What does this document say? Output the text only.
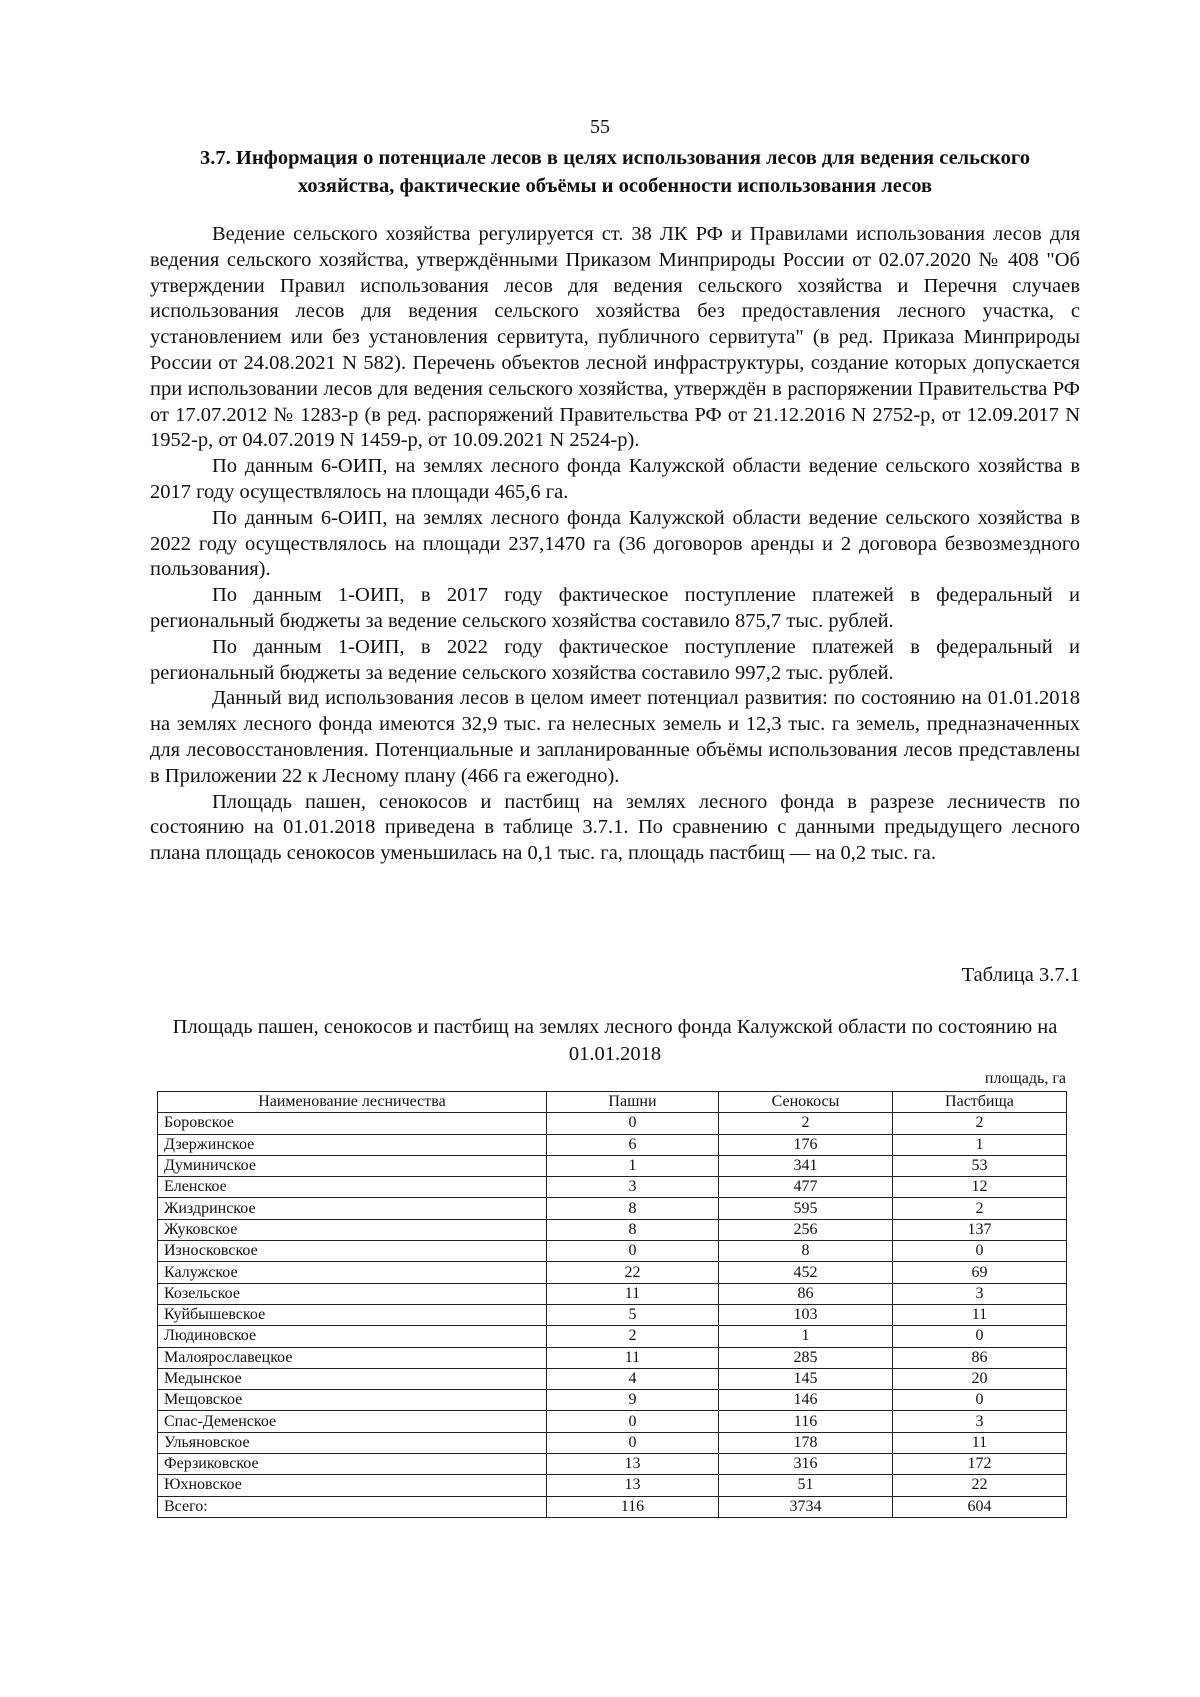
55
3.7. Информация о потенциале лесов в целях использования лесов для ведения сельского хозяйства, фактические объёмы и особенности использования лесов

Ведение сельского хозяйства регулируется ст. 38 ЛК РФ и Правилами использования лесов для ведения сельского хозяйства, утверждёнными Приказом Минприроды России от 02.07.2020 № 408 "Об утверждении Правил использования лесов для ведения сельского хозяйства и Перечня случаев использования лесов для ведения сельского хозяйства без предоставления лесного участка, с установлением или без установления сервитута, публичного сервитута" (в ред. Приказа Минприроды России от 24.08.2021 N 582). Перечень объектов лесной инфраструктуры, создание которых допускается при использовании лесов для ведения сельского хозяйства, утверждён в распоряжении Правительства РФ от 17.07.2012 № 1283-р (в ред. распоряжений Правительства РФ от 21.12.2016 N 2752-р, от 12.09.2017 N 1952-р, от 04.07.2019 N 1459-р, от 10.09.2021 N 2524-р).

По данным 6-ОИП, на землях лесного фонда Калужской области ведение сельского хозяйства в 2017 году осуществлялось на площади 465,6 га.

По данным 6-ОИП, на землях лесного фонда Калужской области ведение сельского хозяйства в 2022 году осуществлялось на площади 237,1470 га (36 договоров аренды и 2 договора безвозмездного пользования).

По данным 1-ОИП, в 2017 году фактическое поступление платежей в федеральный и региональный бюджеты за ведение сельского хозяйства составило 875,7 тыс. рублей.

По данным 1-ОИП, в 2022 году фактическое поступление платежей в федеральный и региональный бюджеты за ведение сельского хозяйства составило 997,2 тыс. рублей.

Данный вид использования лесов в целом имеет потенциал развития: по состоянию на 01.01.2018 на землях лесного фонда имеются 32,9 тыс. га нелесных земель и 12,3 тыс. га земель, предназначенных для лесовосстановления. Потенциальные и запланированные объёмы использования лесов представлены в Приложении 22 к Лесному плану (466 га ежегодно).

Площадь пашен, сенокосов и пастбищ на землях лесного фонда в разрезе лесничеств по состоянию на 01.01.2018 приведена в таблице 3.7.1. По сравнению с данными предыдущего лесного плана площадь сенокосов уменьшилась на 0,1 тыс. га, площадь пастбищ — на 0,2 тыс. га.

Таблица 3.7.1
Площадь пашен, сенокосов и пастбищ на землях лесного фонда Калужской области по состоянию на 01.01.2018
площадь, га
Наименование лесничества	Пашни	Сенокосы	Пастбища
Боровское	0	2	2
Дзержинское	6	176	1
Думиничское	1	341	53
Еленское	3	477	12
Жиздринское	8	595	2
Жуковское	8	256	137
Износковское	0	8	0
Калужское	22	452	69
Козельское	11	86	3
Куйбышевское	5	103	11
Людиновское	2	1	0
Малоярославецкое	11	285	86
Медынское	4	145	20
Мещовское	9	146	0
Спас-Деменское	0	116	3
Ульяновское	0	178	11
Ферзиковское	13	316	172
Юхновское	13	51	22
Всего:	116	3734	604
